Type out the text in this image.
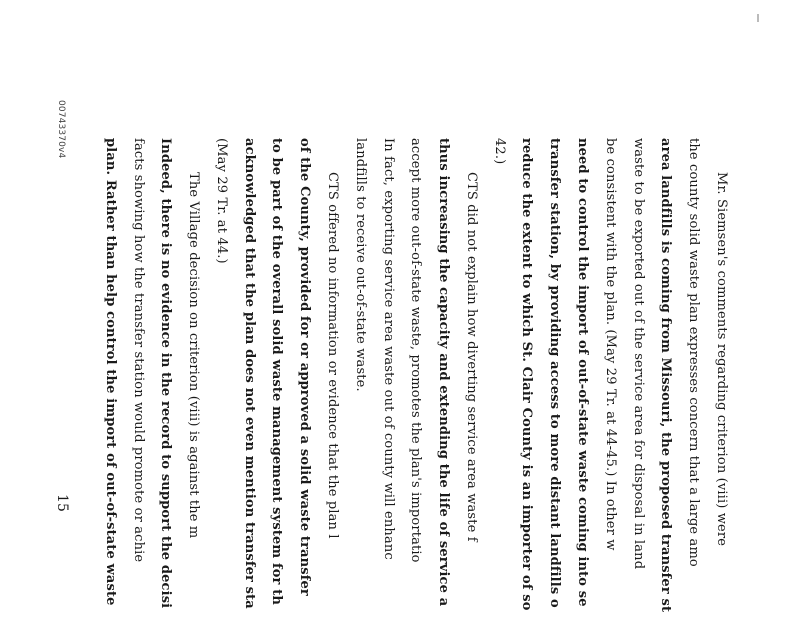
Mr. Siemsen's comments regarding criterion (viii) were
the county solid waste plan expresses concern that a large amo
area landfills is coming from Missouri, the proposed transfer st
waste to be exported out of the service area for disposal in land
be consistent with the plan. (May 29 Tr. at 44-45.) In other w
need to control the import of out-of-state waste coming into se
transfer station, by providing access to more distant landfills o
reduce the extent to which St. Clair County is an importer of so
42.)
CTS did not explain how diverting service area waste f
thus increasing the capacity and extending the life of service a
accept more out-of-state waste, promotes the plan's importatio
In fact, exporting service area waste out of county will enhanc
landfills to receive out-of-state waste.
CTS offered no information or evidence that the plan l
of the County, provided for or approved a solid waste transfer
to be part of the overall solid waste management system for th
acknowledged that the plan does not even mention transfer sta
(May 29 Tr. at 44.)
The Village decision on criterion (viii) is against the m
Indeed, there is no evidence in the record to support the decisi
facts showing how the transfer station would promote or achie
plan. Rather than help control the import of out-of-state waste
15
00743370v4
